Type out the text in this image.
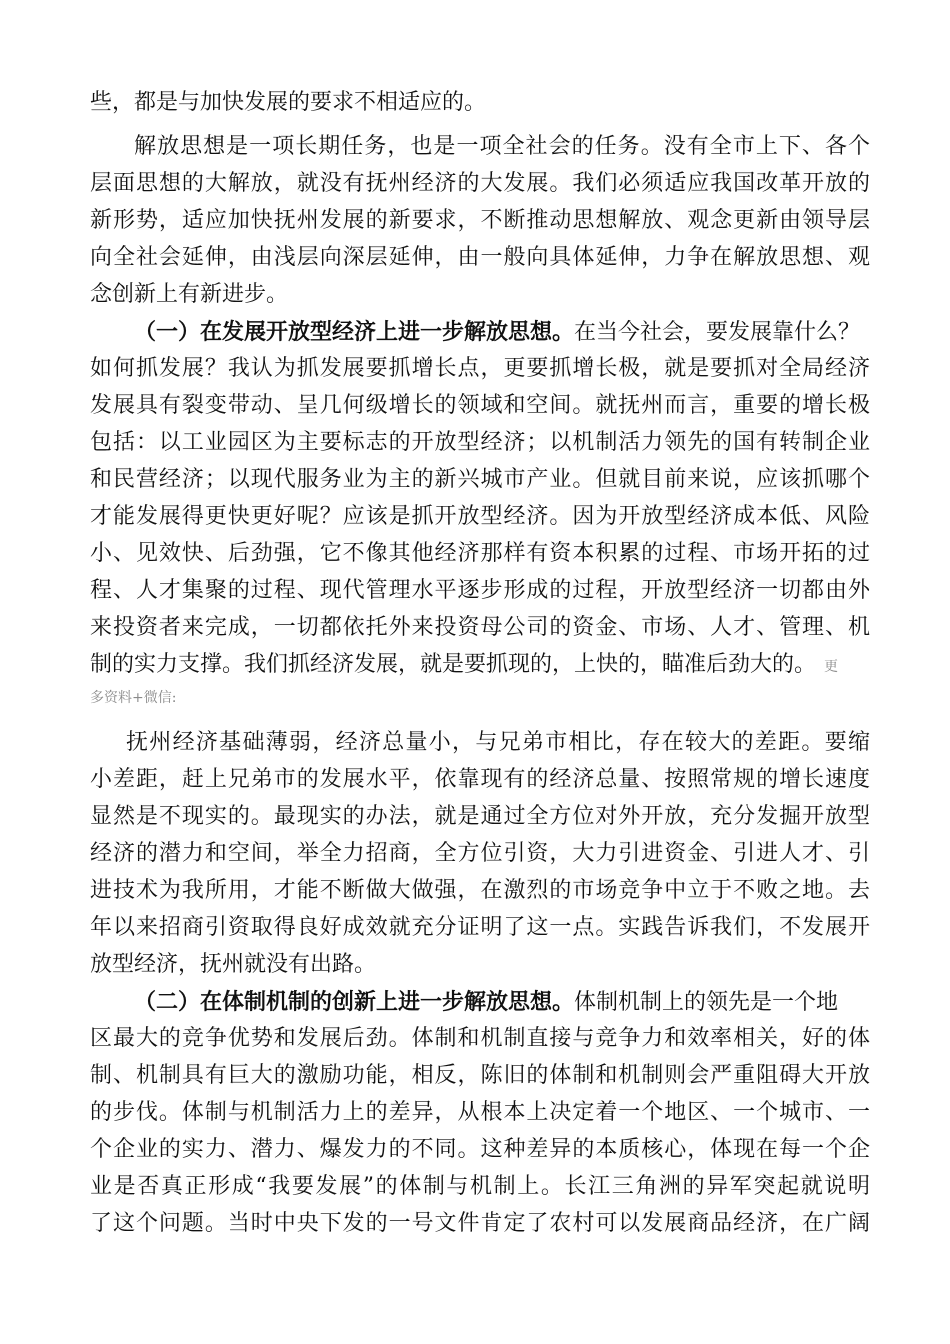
些，都是与加快发展的要求不相适应的。
解放思想是一项长期任务，也是一项全社会的任务。没有全市上下、各个
层面思想的大解放，就没有抚州经济的大发展。我们必须适应我国改革开放的
新形势，适应加快抚州发展的新要求，不断推动思想解放、观念更新由领导层
向全社会延伸，由浅层向深层延伸，由一般向具体延伸，力争在解放思想、观
念创新上有新进步。
（一）在发展开放型经济上进一步解放思想。在当今社会，要发展靠什么？
如何抓发展？我认为抓发展要抓增长点，更要抓增长极，就是要抓对全局经济
发展具有裂变带动、呈几何级增长的领域和空间。就抚州而言，重要的增长极
包括：以工业园区为主要标志的开放型经济；以机制活力领先的国有转制企业
和民营经济；以现代服务业为主的新兴城市产业。但就目前来说，应该抓哪个
才能发展得更快更好呢？应该是抓开放型经济。因为开放型经济成本低、风险
小、见效快、后劲强，它不像其他经济那样有资本积累的过程、市场开拓的过
程、人才集聚的过程、现代管理水平逐步形成的过程，开放型经济一切都由外
来投资者来完成，一切都依托外来投资母公司的资金、市场、人才、管理、机
制的实力支撑。我们抓经济发展，就是要抓现的，上快的，瞄准后劲大的。 更
多资料+微信:
抚州经济基础薄弱，经济总量小，与兄弟市相比，存在较大的差距。要缩
小差距，赶上兄弟市的发展水平，依靠现有的经济总量、按照常规的增长速度
显然是不现实的。最现实的办法，就是通过全方位对外开放，充分发掘开放型
经济的潜力和空间，举全力招商，全方位引资，大力引进资金、引进人才、引
进技术为我所用，才能不断做大做强，在激烈的市场竞争中立于不败之地。去
年以来招商引资取得良好成效就充分证明了这一点。实践告诉我们，不发展开
放型经济，抚州就没有出路。
（二）在体制机制的创新上进一步解放思想。体制机制上的领先是一个地
区最大的竞争优势和发展后劲。体制和机制直接与竞争力和效率相关，好的体
制、机制具有巨大的激励功能，相反，陈旧的体制和机制则会严重阻碍大开放
的步伐。体制与机制活力上的差异，从根本上决定着一个地区、一个城市、一
个企业的实力、潜力、爆发力的不同。这种差异的本质核心，体现在每一个企
业是否真正形成“我要发展”的体制与机制上。长江三角洲的异军突起就说明
了这个问题。当时中央下发的一号文件肯定了农村可以发展商品经济，在广阔
